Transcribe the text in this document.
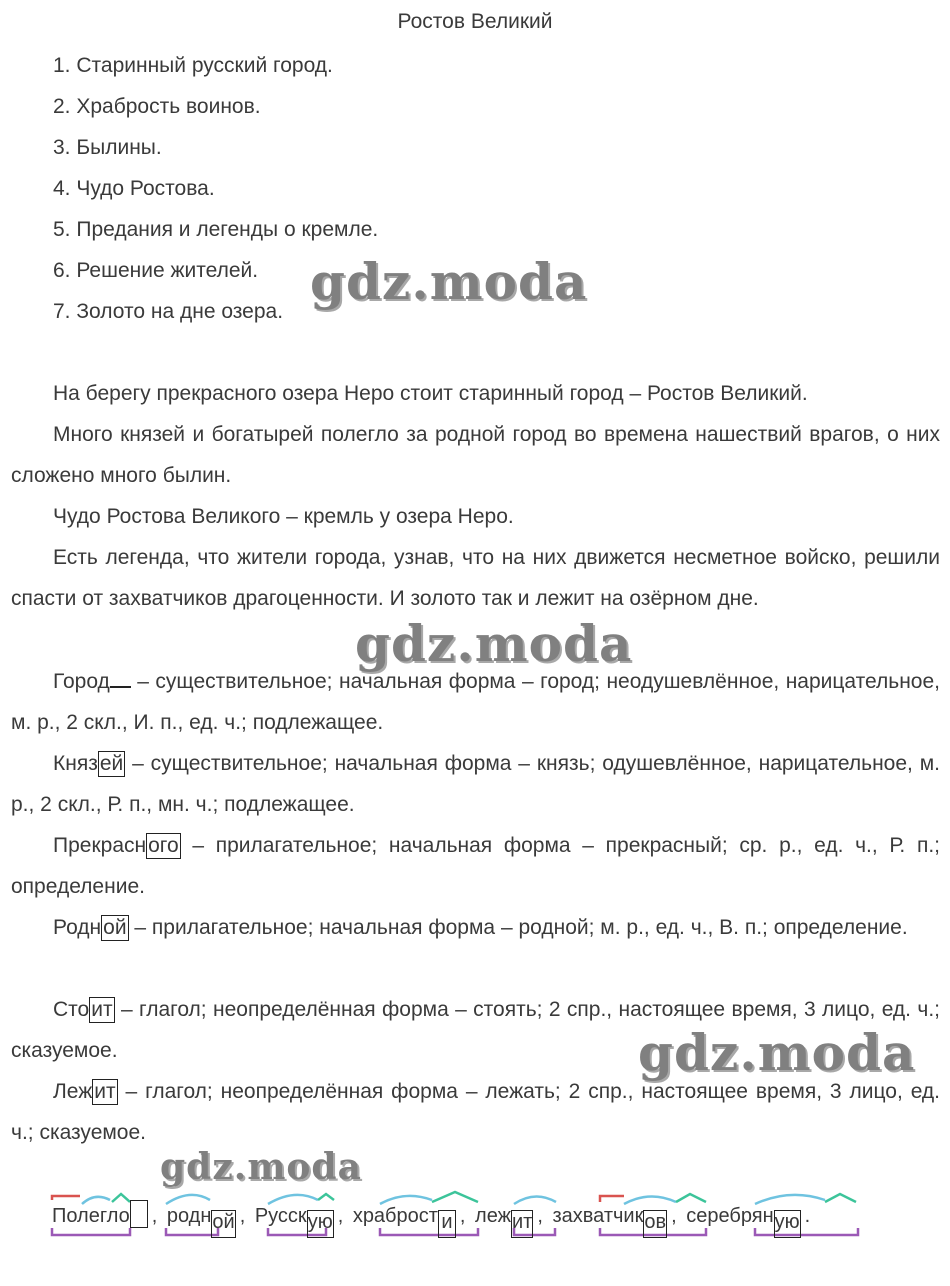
Ростов Великий
1. Старинный русский город.
2. Храбрость воинов.
3. Былины.
4. Чудо Ростова.
5. Предания и легенды о кремле.
6. Решение жителей.
7. Золото на дне озера.

На берегу прекрасного озера Неро стоит старинный город – Ростов Великий.

Много князей и богатырей полегло за родной город во времена нашествий врагов, о них сложено много былин.

Чудо Ростова Великого – кремль у озера Неро.

Есть легенда, что жители города, узнав, что на них движется несметное войско, решили спасти от захватчиков драгоценности. И золото так и лежит на озёрном дне.

Город – существительное; начальная форма – город; неодушевлённое, нарицательное, м. р., 2 скл., И. п., ед. ч.; подлежащее.

Князей – существительное; начальная форма – князь; одушевлённое, нарицательное, м. р., 2 скл., Р. п., мн. ч.; подлежащее.

Прекрасного – прилагательное; начальная форма – прекрасный; ср. р., ед. ч., Р. п.; определение.

Родной – прилагательное; начальная форма – родной; м. р., ед. ч., В. п.; определение.

Стоит – глагол; неопределённая форма – стоять; 2 спр., настоящее время, 3 лицо, ед. ч.; сказуемое.

Лежит – глагол; неопределённая форма – лежать; 2 спр., настоящее время, 3 лицо, ед. ч.; сказуемое.

Полегло , родной , Русскую , храброст и , лежит , захватчиков , серебряную .
gdz.moda
gdz.moda
gdz.moda
gdz.moda
